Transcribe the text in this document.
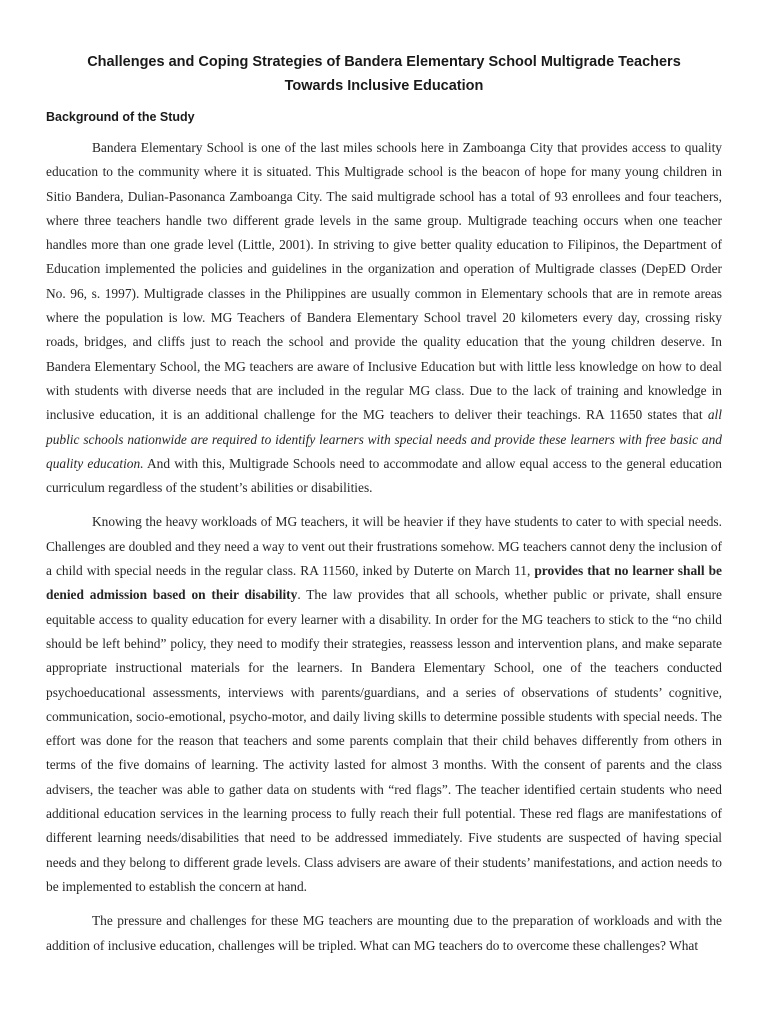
Challenges and Coping Strategies of Bandera Elementary School Multigrade Teachers
Towards Inclusive Education
Background of the Study

Bandera Elementary School is one of the last miles schools here in Zamboanga City that provides access to quality education to the community where it is situated. This Multigrade school is the beacon of hope for many young children in Sitio Bandera, Dulian-Pasonanca Zamboanga City. The said multigrade school has a total of 93 enrollees and four teachers, where three teachers handle two different grade levels in the same group. Multigrade teaching occurs when one teacher handles more than one grade level (Little, 2001). In striving to give better quality education to Filipinos, the Department of Education implemented the policies and guidelines in the organization and operation of Multigrade classes (DepED Order No. 96, s. 1997). Multigrade classes in the Philippines are usually common in Elementary schools that are in remote areas where the population is low. MG Teachers of Bandera Elementary School travel 20 kilometers every day, crossing risky roads, bridges, and cliffs just to reach the school and provide the quality education that the young children deserve. In Bandera Elementary School, the MG teachers are aware of Inclusive Education but with little less knowledge on how to deal with students with diverse needs that are included in the regular MG class. Due to the lack of training and knowledge in inclusive education, it is an additional challenge for the MG teachers to deliver their teachings. RA 11650 states that all public schools nationwide are required to identify learners with special needs and provide these learners with free basic and quality education. And with this, Multigrade Schools need to accommodate and allow equal access to the general education curriculum regardless of the student’s abilities or disabilities.

Knowing the heavy workloads of MG teachers, it will be heavier if they have students to cater to with special needs. Challenges are doubled and they need a way to vent out their frustrations somehow. MG teachers cannot deny the inclusion of a child with special needs in the regular class. RA 11560, inked by Duterte on March 11, provides that no learner shall be denied admission based on their disability. The law provides that all schools, whether public or private, shall ensure equitable access to quality education for every learner with a disability. In order for the MG teachers to stick to the “no child should be left behind” policy, they need to modify their strategies, reassess lesson and intervention plans, and make separate appropriate instructional materials for the learners. In Bandera Elementary School, one of the teachers conducted psychoeducational assessments, interviews with parents/guardians, and a series of observations of students’ cognitive, communication, socio-emotional, psycho-motor, and daily living skills to determine possible students with special needs. The effort was done for the reason that teachers and some parents complain that their child behaves differently from others in terms of the five domains of learning. The activity lasted for almost 3 months. With the consent of parents and the class advisers, the teacher was able to gather data on students with “red flags”. The teacher identified certain students who need additional education services in the learning process to fully reach their full potential. These red flags are manifestations of different learning needs/disabilities that need to be addressed immediately. Five students are suspected of having special needs and they belong to different grade levels. Class advisers are aware of their students’ manifestations, and action needs to be implemented to establish the concern at hand.

The pressure and challenges for these MG teachers are mounting due to the preparation of workloads and with the addition of inclusive education, challenges will be tripled. What can MG teachers do to overcome these challenges? What
